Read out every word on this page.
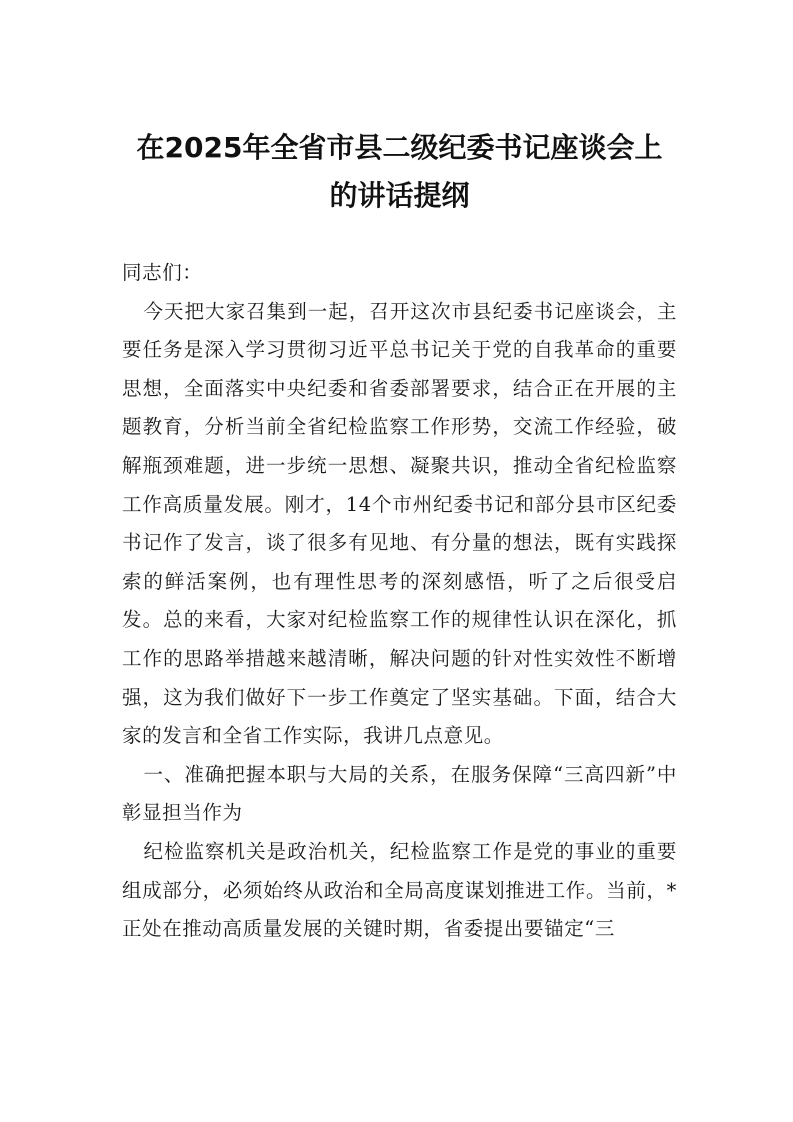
在2025年全省市县二级纪委书记座谈会上
的讲话提纲

同志们：

今天把大家召集到一起，召开这次市县纪委书记座谈会，主要任务是深入学习贯彻习近平总书记关于党的自我革命的重要思想，全面落实中央纪委和省委部署要求，结合正在开展的主题教育，分析当前全省纪检监察工作形势，交流工作经验，破解瓶颈难题，进一步统一思想、凝聚共识，推动全省纪检监察工作高质量发展。刚才，14个市州纪委书记和部分县市区纪委书记作了发言，谈了很多有见地、有分量的想法，既有实践探索的鲜活案例，也有理性思考的深刻感悟，听了之后很受启发。总的来看，大家对纪检监察工作的规律性认识在深化，抓工作的思路举措越来越清晰，解决问题的针对性实效性不断增强，这为我们做好下一步工作奠定了坚实基础。下面，结合大家的发言和全省工作实际，我讲几点意见。

一、准确把握本职与大局的关系，在服务保障“三高四新”中彰显担当作为

纪检监察机关是政治机关，纪检监察工作是党的事业的重要组成部分，必须始终从政治和全局高度谋划推进工作。当前，*正处在推动高质量发展的关键时期，省委提出要锚定“三
